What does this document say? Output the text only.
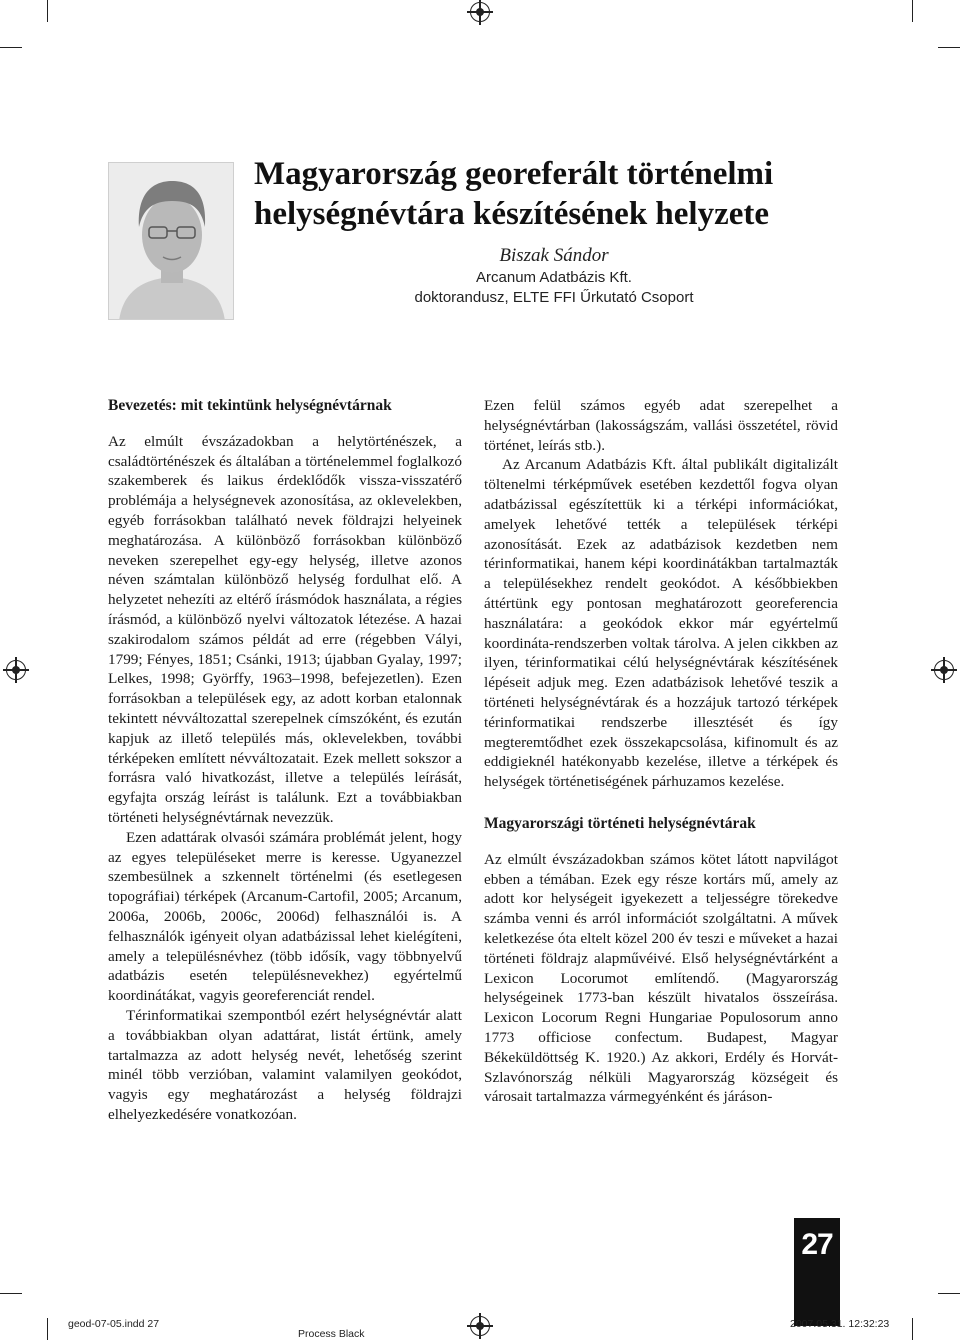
Magyarország georeferált történelmi
helységnévtára készítésének helyzete
Biszak Sándor
Arcanum Adatbázis Kft.
doktorandusz, ELTE FFI Űrkutató Csoport
Bevezetés: mit tekintünk helységnévtárnak

Az elmúlt évszázadokban a helytörténészek, a családtörténészek és általában a történelemmel foglalkozó szakemberek és laikus érdeklődők vissza-visszatérő problémája a helységnevek azonosítása, az oklevelekben, egyéb forrásokban található nevek földrajzi helyeinek meghatározása. A különböző forrásokban különböző neveken szerepelhet egy-egy helység, illetve azonos néven számtalan különböző helység fordulhat elő. A helyzetet nehezíti az eltérő írásmódok használata, a régies írásmód, a különböző nyelvi változatok létezése. A hazai szakirodalom számos példát ad erre (régebben Vályi, 1799; Fényes, 1851; Csánki, 1913; újabban Gyalay, 1997; Lelkes, 1998; Györffy, 1963–1998, befejezetlen). Ezen forrásokban a települések egy, az adott korban etalonnak tekintett névváltozattal szerepelnek címszóként, és ezután kapjuk az illető település más, oklevelekben, további térképeken említett névváltozatait. Ezek mellett sokszor a forrásra való hivatkozást, illetve a település leírását, egyfajta ország leírást is találunk. Ezt a továbbiakban történeti helységnévtárnak nevezzük.

Ezen adattárak olvasói számára problémát jelent, hogy az egyes településeket merre is keresse. Ugyanezzel szembesülnek a szkennelt történelmi (és esetlegesen topográfiai) térképek (Arcanum-Cartofil, 2005; Arcanum, 2006a, 2006b, 2006c, 2006d) felhasználói is. A felhasználók igényeit olyan adatbázissal lehet kielégíteni, amely a településnévhez (több idősík, vagy többnyelvű adatbázis esetén településnevekhez) egyértelmű koordinátákat, vagyis georeferenciát rendel.

Térinformatikai szempontból ezért helységnévtár alatt a továbbiakban olyan adattárat, listát értünk, amely tartalmazza az adott helység nevét, lehetőség szerint minél több verzióban, valamint valamilyen geokódot, vagyis egy meghatározást a helység földrajzi elhelyezkedésére vonatkozóan.

Ezen felül számos egyéb adat szerepelhet a helységnévtárban (lakosságszám, vallási összetétel, rövid történet, leírás stb.).

Az Arcanum Adatbázis Kft. által publikált digitalizált töltenelmi térképművek esetében kezdettől fogva olyan adatbázissal egészítettük ki a térképi információkat, amelyek lehetővé tették a települések térképi azonosítását. Ezek az adatbázisok kezdetben nem térinformatikai, hanem képi koordinátákban tartalmazták a településekhez rendelt geokódot. A későbbiekben áttértünk egy pontosan meghatározott georeferencia használatára: a geokódok ekkor már egyértelmű koordináta-rendszerben voltak tárolva. A jelen cikkben az ilyen, térinformatikai célú helységnévtárak készítésének lépéseit adjuk meg. Ezen adatbázisok lehetővé teszik a történeti helységnévtárak és a hozzájuk tartozó térképek térinformatikai rendszerbe illesztését és így megteremtődhet ezek összekapcsolása, kifinomult és az eddigieknél hatékonyabb kezelése, illetve a térképek és helységek történetiségének párhuzamos kezelése.

Magyarországi történeti helységnévtárak

Az elmúlt évszázadokban számos kötet látott napvilágot ebben a témában. Ezek egy része kortárs mű, amely az adott kor helységeit igyekezett a teljességre törekedve számba venni és arról információt szolgáltatni. A művek keletkezése óta eltelt közel 200 év teszi e műveket a hazai történeti földrajz alapművéivé. Első helységnévtárként a Lexicon Locorumot említendő. (Magyarország helységeinek 1773-ban készült hivatalos összeírása. Lexicon Locorum Regni Hungariae Populosorum anno 1773 officiose confectum. Budapest, Magyar Békeküldöttség K. 1920.) Az akkori, Erdély és Horvát-Szlavónország nélküli Magyarország községeit és városait tartalmazza vármegyénként és járáson-

27
geod-07-05.indd 27
Process Black
2007.05.31. 12:32:23
